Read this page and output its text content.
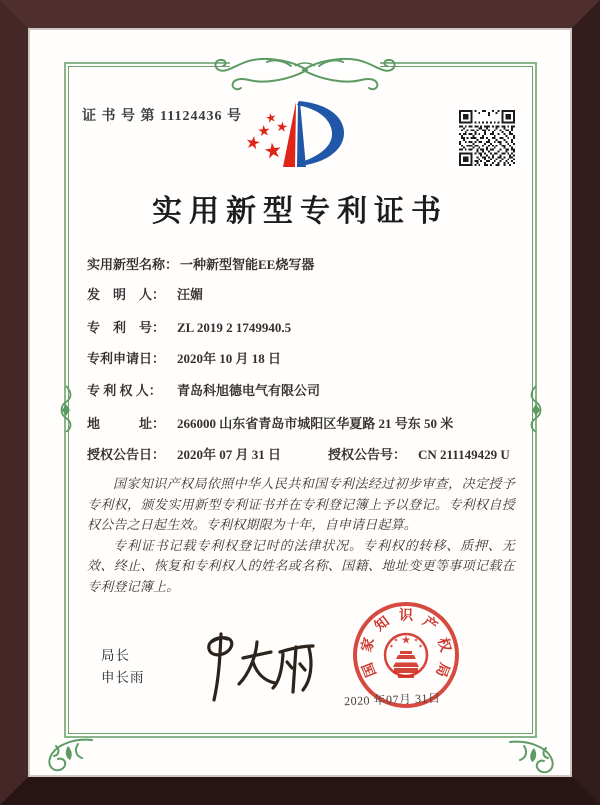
证 书 号 第 11124436 号
实用新型专利证书
实用新型名称： 一种新型智能EE烧写器
发　明　人： 汪媚
专　利　号： ZL 2019 2 1749940.5
专利申请日： 2020年 10 月 18 日
专 利 权 人： 青岛科旭德电气有限公司
地　　　址： 266000 山东省青岛市城阳区华夏路 21 号东 50 米
授权公告日： 2020年 07 月 31 日	授权公告号： CN 211149429 U

国家知识产权局依照中华人民共和国专利法经过初步审查，决定授予专利权，颁发实用新型专利证书并在专利登记簿上予以登记。专利权自授权公告之日起生效。专利权期限为十年，自申请日起算。

专利证书记载专利权登记时的法律状况。专利权的转移、质押、无效、终止、恢复和专利权人的姓名或名称、国籍、地址变更等事项记载在专利登记簿上。

局长
申长雨	国
家
知 识 产
权
局
2020 年07月 31日
